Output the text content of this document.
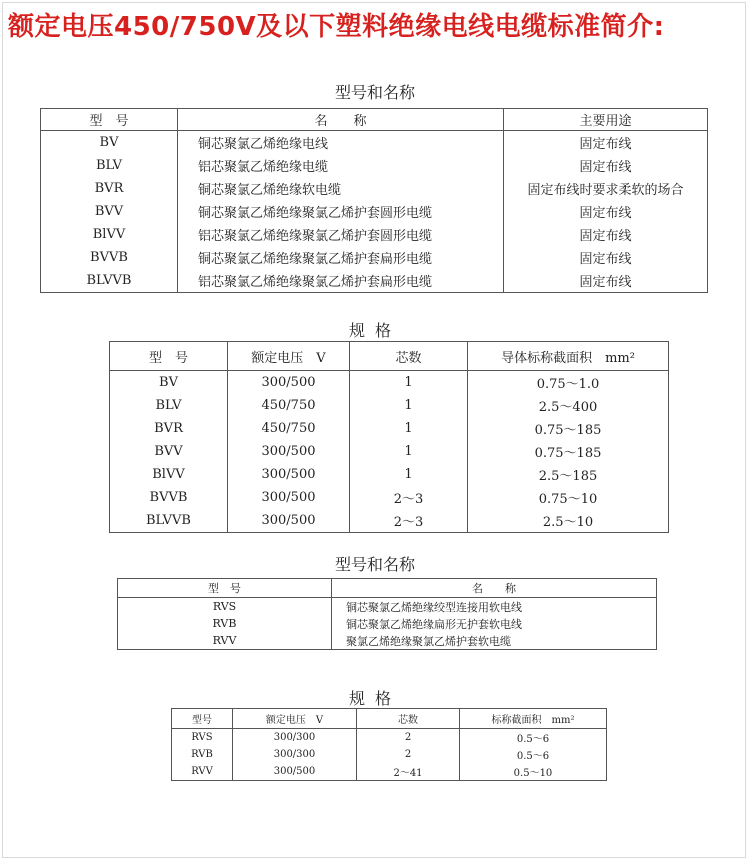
额定电压450/750V及以下塑料绝缘电线电缆标准简介:
型号和名称
型　号	名　　称	主要用途
BV	铜芯聚氯乙烯绝缘电线	固定布线
BLV	铝芯聚氯乙烯绝缘电缆	固定布线
BVR	铜芯聚氯乙烯绝缘软电缆	固定布线时要求柔软的场合
BVV	铜芯聚氯乙烯绝缘聚氯乙烯护套圆形电缆	固定布线
BlVV	铝芯聚氯乙烯绝缘聚氯乙烯护套圆形电缆	固定布线
BVVB	铜芯聚氯乙烯绝缘聚氯乙烯护套扁形电缆	固定布线
BLVVB	铝芯聚氯乙烯绝缘聚氯乙烯护套扁形电缆	固定布线
规格
型　号	额定电压　V	芯数	导体标称截面积　mm²
BV	300/500	1	0.75～1.0
BLV	450/750	1	2.5～400
BVR	450/750	1	0.75～185
BVV	300/500	1	0.75～185
BlVV	300/500	1	2.5～185
BVVB	300/500	2～3	0.75～10
BLVVB	300/500	2～3	2.5～10
型号和名称
型　号	名　　称
RVS	铜芯聚氯乙烯绝缘绞型连接用软电线
RVB	铜芯聚氯乙烯绝缘扁形无护套软电线
RVV	聚氯乙烯绝缘聚氯乙烯护套软电缆
规格
型号	额定电压　V	芯数	标称截面积　mm²
RVS	300/300	2	0.5～6
RVB	300/300	2	0.5～6
RVV	300/500	2～41	0.5～10
